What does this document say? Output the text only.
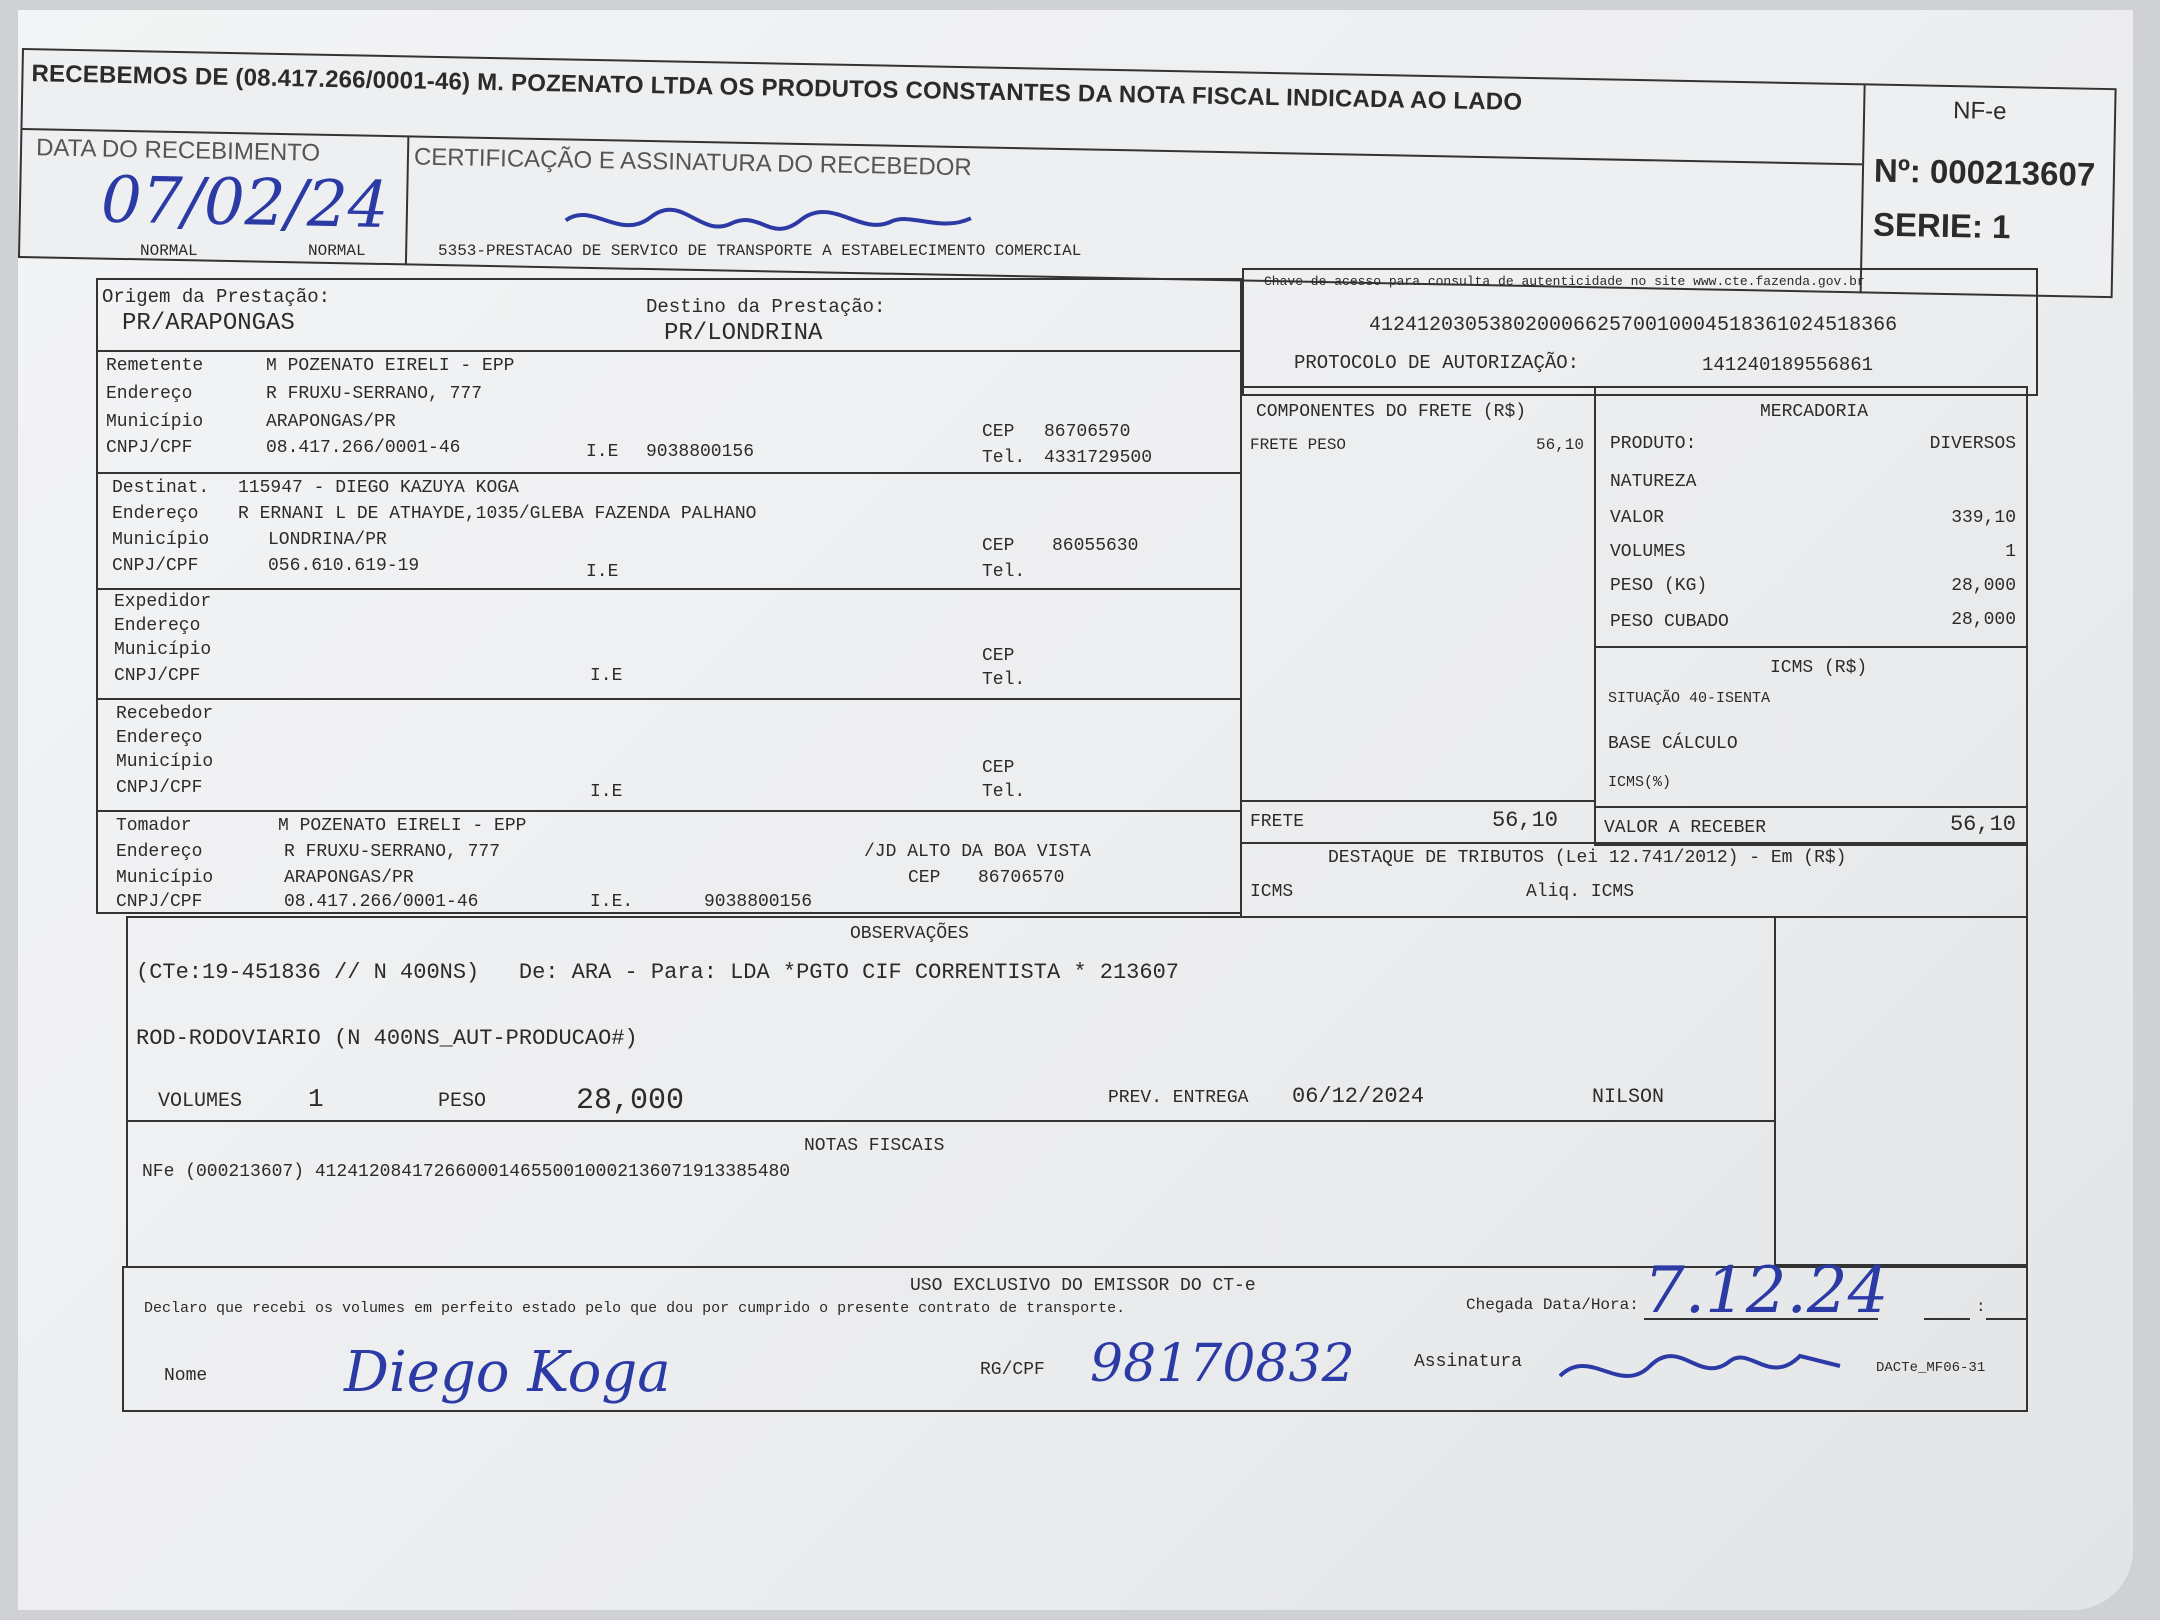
RECEBEMOS DE (08.417.266/0001-46) M. POZENATO LTDA OS PRODUTOS CONSTANTES DA NOTA FISCAL INDICADA AO LADO
DATA DO RECEBIMENTO
07/02/24
CERTIFICAÇÃO E ASSINATURA DO RECEBEDOR
NF-e
Nº: 000213607
SERIE: 1
NORMAL	NORMAL	5353-PRESTACAO DE SERVICO DE TRANSPORTE A ESTABELECIMENTO COMERCIAL
Chave de acesso para consulta de autenticidade no site www.cte.fazenda.gov.br
41241203053802000662570010004518361024518366
PROTOCOLO DE AUTORIZAÇÃO:	141240189556861
Origem da Prestação:
PR/ARAPONGAS
Destino da Prestação:
PR/LONDRINA
Remetente	M POZENATO EIRELI - EPP
Endereço	R FRUXU-SERRANO, 777
Município	ARAPONGAS/PR	CEP 86706570
CNPJ/CPF	08.417.266/0001-46	I.E 9038800156	Tel. 4331729500
Destinat. 115947 - DIEGO KAZUYA KOGA
Endereço R ERNANI L DE ATHAYDE,1035/GLEBA FAZENDA PALHANO
Município	LONDRINA/PR	CEP 86055630
CNPJ/CPF	056.610.619-19	I.E	Tel.
Expedidor
Endereço
Município	CEP
CNPJ/CPF	I.E	Tel.
Recebedor
Endereço
Município	CEP
CNPJ/CPF	I.E	Tel.
Tomador	M POZENATO EIRELI - EPP
Endereço	R FRUXU-SERRANO, 777	/JD ALTO DA BOA VISTA
Município	ARAPONGAS/PR	CEP 86706570
CNPJ/CPF	08.417.266/0001-46	I.E.	9038800156
COMPONENTES DO FRETE (R$)
FRETE PESO	56,10
FRETE	56,10
MERCADORIA
PRODUTO:	DIVERSOS
NATUREZA
VALOR	339,10
VOLUMES	1
PESO (KG)	28,000
PESO CUBADO	28,000
ICMS (R$)
SITUAÇÃO 40-ISENTA
BASE CÁLCULO
ICMS(%)
VALOR A RECEBER	56,10
DESTAQUE DE TRIBUTOS (Lei 12.741/2012) - Em (R$)
ICMS	Aliq. ICMS
OBSERVAÇÕES
(CTe:19-451836 // N 400NS)   De: ARA - Para: LDA *PGTO CIF CORRENTISTA * 213607
ROD-RODOVIARIO (N 400NS_AUT-PRODUCAO#)
VOLUMES	1	PESO	28,000	PREV. ENTREGA 06/12/2024	NILSON
NOTAS FISCAIS
NFe (000213607) 41241208417266000146550010002136071913385480
USO EXCLUSIVO DO EMISSOR DO CT-e
Declaro que recebi os volumes em perfeito estado pelo que dou por cumprido o presente contrato de transporte.	Chegada Data/Hora: 7.12.24	:
Nome Diego Koga	RG/CPF 98170832	Assinatura	DACTe_MF06-31
